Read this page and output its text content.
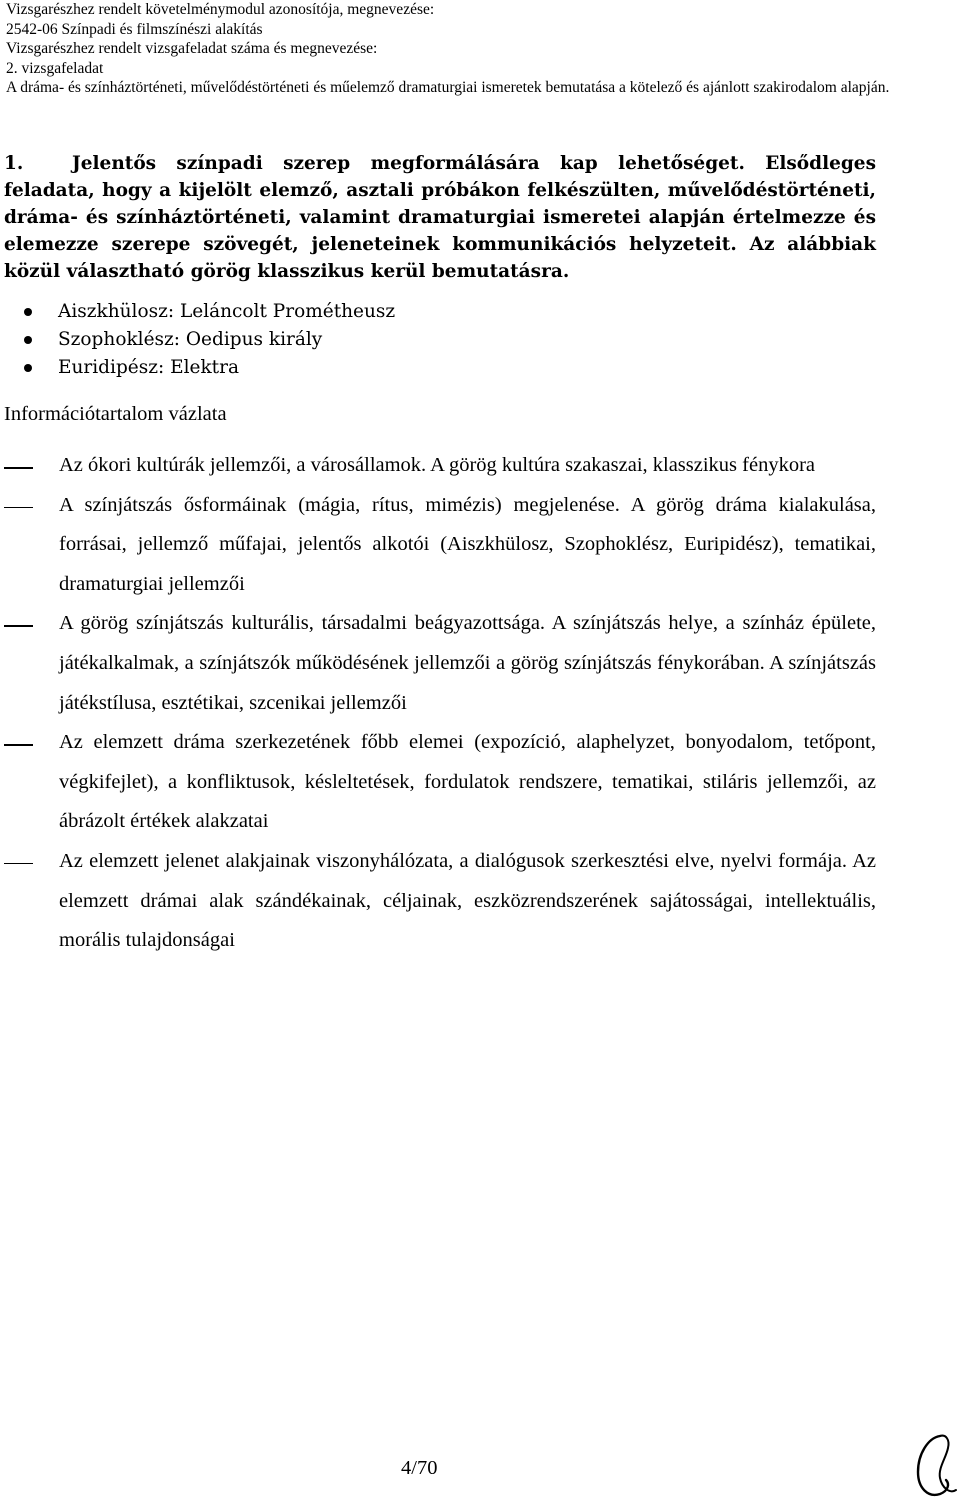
Vizsgarészhez rendelt követelménymodul azonosítója, megnevezése:
2542-06 Színpadi és filmszínészi alakítás
Vizsgarészhez rendelt vizsgafeladat száma és megnevezése:
2. vizsgafeladat
A dráma- és színháztörténeti, művelődéstörténeti és műelemző dramaturgiai ismeretek bemutatása a kötelező és ajánlott szakirodalom alapján.
1.	Jelentős színpadi szerep megformálására kap lehetőséget. Elsődleges feladata, hogy a kijelölt elemző, asztali próbákon felkészülten, művelődéstörténeti, dráma- és színháztörténeti, valamint dramaturgiai ismeretei alapján értelmezze és elemezze szerepe szövegét, jeleneteinek kommunikációs helyzeteit. Az alábbiak közül választható görög klasszikus kerül bemutatásra.
Aiszkhülosz: Leláncolt Prométheusz
Szophoklész: Oedipus király
Euridipész: Elektra
Információtartalom vázlata
Az ókori kultúrák jellemzői, a városállamok. A görög kultúra szakaszai, klasszikus fénykora
A színjátszás ősformáinak (mágia, rítus, mimézis) megjelenése. A görög dráma kialakulása, forrásai, jellemző műfajai, jelentős alkotói (Aiszkhülosz, Szophoklész, Euripidész), tematikai, dramaturgiai jellemzői
A görög színjátszás kulturális, társadalmi beágyazottsága. A színjátszás helye, a színház épülete, játékalkalmak, a színjátszók működésének jellemzői a görög színjátszás fénykorában. A színjátszás játékstílusa, esztétikai, szcenikai jellemzői
Az elemzett dráma szerkezetének főbb elemei (expozíció, alaphelyzet, bonyodalom, tetőpont, végkifejlet), a konfliktusok, késleltetések, fordulatok rendszere, tematikai, stiláris jellemzői, az ábrázolt értékek alakzatai
Az elemzett jelenet alakjainak viszonyhálózata, a dialógusok szerkesztési elve, nyelvi formája. Az elemzett drámai alak szándékainak, céljainak, eszközrendszerének sajátosságai, intellektuális, morális tulajdonságai
4/70
